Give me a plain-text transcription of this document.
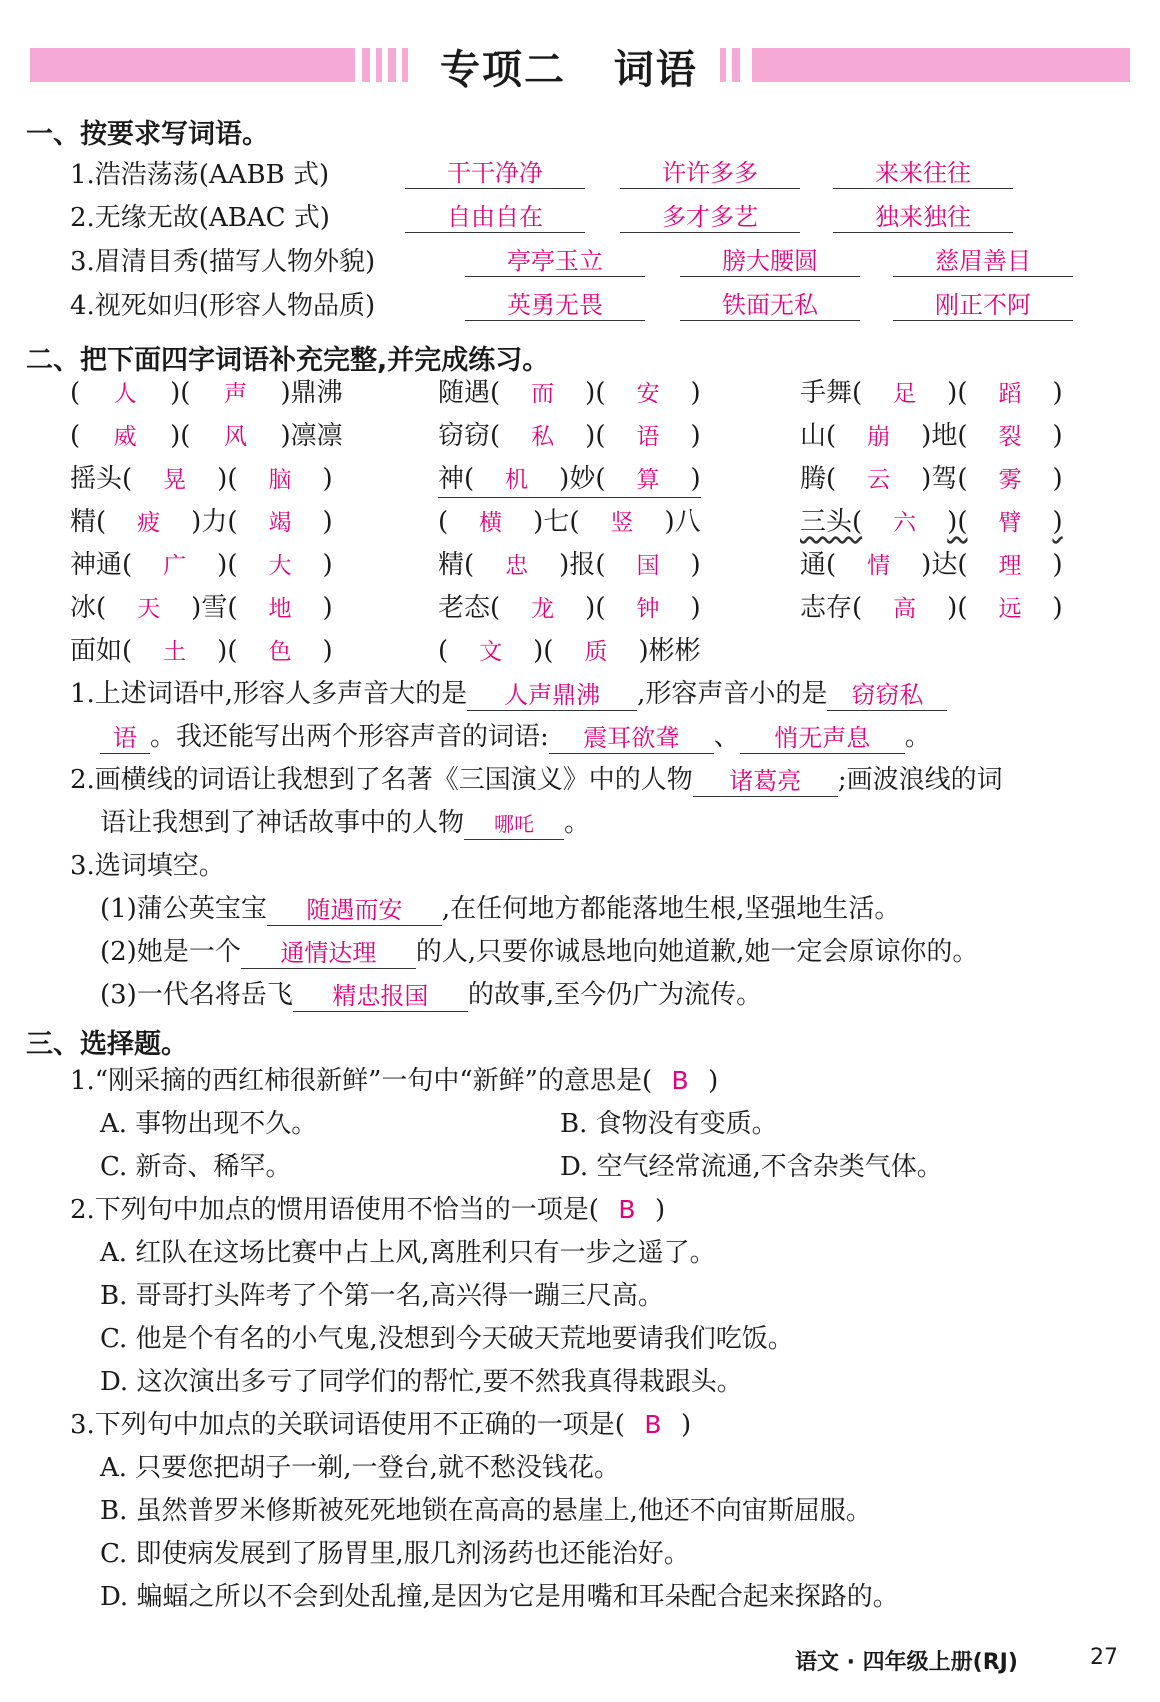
专项二   词语
一、按要求写词语。
1.浩浩荡荡(AABB 式)	干干净净	许许多多	来来往往
2.无缘无故(ABAC 式)	自由自在	多才多艺	独来独往
3.眉清目秀(描写人物外貌)	亭亭玉立	膀大腰圆	慈眉善目
4.视死如归(形容人物品质)	英勇无畏	铁面无私	刚正不阿
二、把下面四字词语补充完整,并完成练习。
( 人 )( 声 )鼎沸	随遇( 而 )( 安 )	手舞( 足 )( 蹈 )
( 威 )( 风 )凛凛	窃窃( 私 )( 语 )	山( 崩 )地( 裂 )
摇头( 晃 )( 脑 )	神( 机 )妙( 算 )	腾( 云 )驾( 雾 )
精( 疲 )力( 竭 )	( 横 )七( 竖 )八	三头( 六 )( 臂 )
神通( 广 )( 大 )	精( 忠 )报( 国 )	通( 情 )达( 理 )
冰( 天 )雪( 地 )	老态( 龙 )( 钟 )	志存( 高 )( 远 )
面如( 土 )( 色 )	( 文 )( 质 )彬彬
1.上述词语中,形容人多声音大的是 人声鼎沸 ,形容声音小的是 窃窃私
语 。我还能写出两个形容声音的词语: 震耳欲聋 、 悄无声息 。
2.画横线的词语让我想到了名著《三国演义》中的人物 诸葛亮 ;画波浪线的词
语让我想到了神话故事中的人物 哪吒 。
3.选词填空。
(1)蒲公英宝宝 随遇而安 ,在任何地方都能落地生根,坚强地生活。
(2)她是一个 通情达理 的人,只要你诚恳地向她道歉,她一定会原谅你的。
(3)一代名将岳飞 精忠报国 的故事,至今仍广为流传。
三、选择题。
1.“刚采摘的西红柿很新鲜”一句中“新鲜”的意思是( B )
A. 事物出现不久。	B. 食物没有变质。
C. 新奇、稀罕。	D. 空气经常流通,不含杂类气体。
2.下列句中加点的惯用语使用不恰当的一项是( B )
A. 红队在这场比赛中占上风,离胜利只有一步之遥了。
B. 哥哥打头阵考了个第一名,高兴得一蹦三尺高。
C. 他是个有名的小气鬼,没想到今天破天荒地要请我们吃饭。
D. 这次演出多亏了同学们的帮忙,要不然我真得栽跟头。
3.下列句中加点的关联词语使用不正确的一项是( B )
A. 只要您把胡子一剃,一登台,就不愁没钱花。
B. 虽然普罗米修斯被死死地锁在高高的悬崖上,他还不向宙斯屈服。
C. 即使病发展到了肠胃里,服几剂汤药也还能治好。
D. 蝙蝠之所以不会到处乱撞,是因为它是用嘴和耳朵配合起来探路的。
语文 · 四年级上册(RJ)	27
